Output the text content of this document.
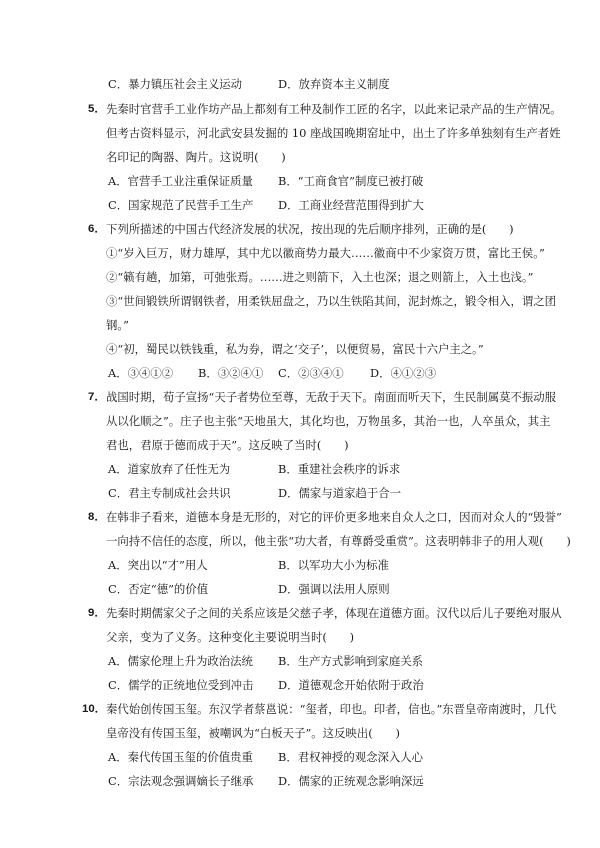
C．暴力镇压社会主义运动	D．放弃资本主义制度
5． 先秦时官营手工业作坊产品上都刻有工种及制作工匠的名字，以此来记录产品的生产情况。
但考古资料显示，河北武安县发掘的 10 座战国晚期窑址中，出土了许多单独刻有生产者姓
名印记的陶器、陶片。这说明(　　)
A．官营手工业注重保证质量 B．“工商食官”制度已被打破
C．国家规范了民营手工生产 D．工商业经营范围得到扩大
6． 下列所描述的中国古代经济发展的状况，按出现的先后顺序排列，正确的是(　　)
①“岁入巨万，财力雄厚，其中尤以徽商势力最大……徽商中不少家资万贯，富比王侯。”
②“籁有趟，加第，可弛张焉。……进之则箭下，入土也深；退之则箭上，入土也浅。”
③“世间锻铁所谓钢铁者，用柔铁屈盘之，乃以生铁陷其间，泥封炼之，锻令相入，谓之团
钢。”
④“初，蜀民以铁钱重，私为券，谓之‘交子’，以便贸易，富民十六户主之。”
A．③④①② B．③②④① C．②③④① D．④①②③
7． 战国时期，荀子宣扬“天子者势位至尊，无敌于天下。南面而听天下，生民制属莫不振动服
从以化顺之”。庄子也主张“天地虽大，其化均也，万物虽多，其治一也，人卒虽众，其主
君也，君原于德而成于天”。这反映了当时(　　)
A．道家放弃了任性无为	B．重建社会秩序的诉求
C．君主专制成社会共识	D．儒家与道家趋于合一
8． 在韩非子看来，道德本身是无形的，对它的评价更多地来自众人之口，因而对众人的“毁誉”
一向持不信任的态度，所以，他主张“功大者，有尊爵受重赏”。这表明韩非子的用人观(　　)
A．突出以“才”用人	B．以军功大小为标准
C．否定“德”的价值	D．强调以法用人原则
9． 先秦时期儒家父子之间的关系应该是父慈子孝，体现在道德方面。汉代以后儿子要绝对服从
父亲，变为了义务。这种变化主要说明当时(　　)
A．儒家伦理上升为政治法统 B．生产方式影响到家庭关系
C．儒学的正统地位受到冲击 D．道德观念开始依附于政治
10． 秦代始创传国玉玺。东汉学者蔡邕说：“玺者，印也。印者，信也。”东晋皇帝南渡时，几代
皇帝没有传国玉玺，被嘲讽为“白板天子”。这反映出(　　)
A．秦代传国玉玺的价值贵重 B．君权神授的观念深入人心
C．宗法观念强调嫡长子继承 D．儒家的正统观念影响深远
